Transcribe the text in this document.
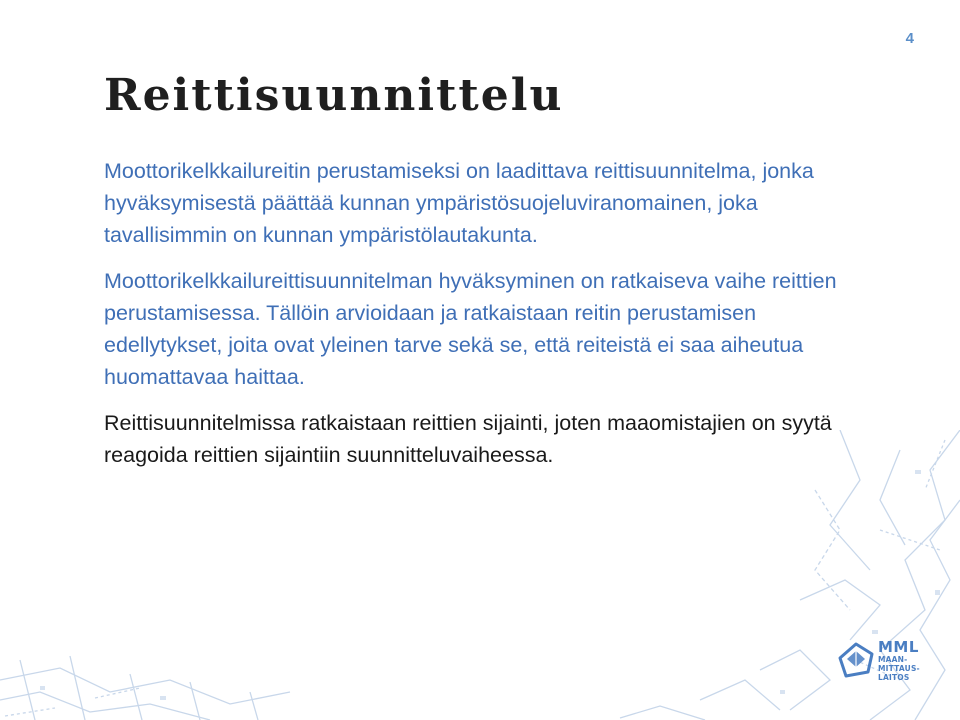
4
Reittisuunnittelu

Moottorikelkkailureitin perustamiseksi on laadittava reittisuunnitelma, jonka hyväksymisestä päättää kunnan ympäristösuojeluviranomainen, joka tavallisimmin on kunnan ympäristölautakunta.

Moottorikelkkailureittisuunnitelman hyväksyminen on ratkaiseva vaihe reittien perustamisessa. Tällöin arvioidaan ja ratkaistaan reitin perustamisen edellytykset, joita ovat yleinen tarve sekä se, että reiteistä ei saa aiheutua huomattavaa haittaa.

Reittisuunnitelmissa ratkaistaan reittien sijainti, joten maaomistajien on syytä reagoida reittien sijaintiin suunnitteluvaiheessa.

MML
MAAN-
MITTAUS-
LAITOS
